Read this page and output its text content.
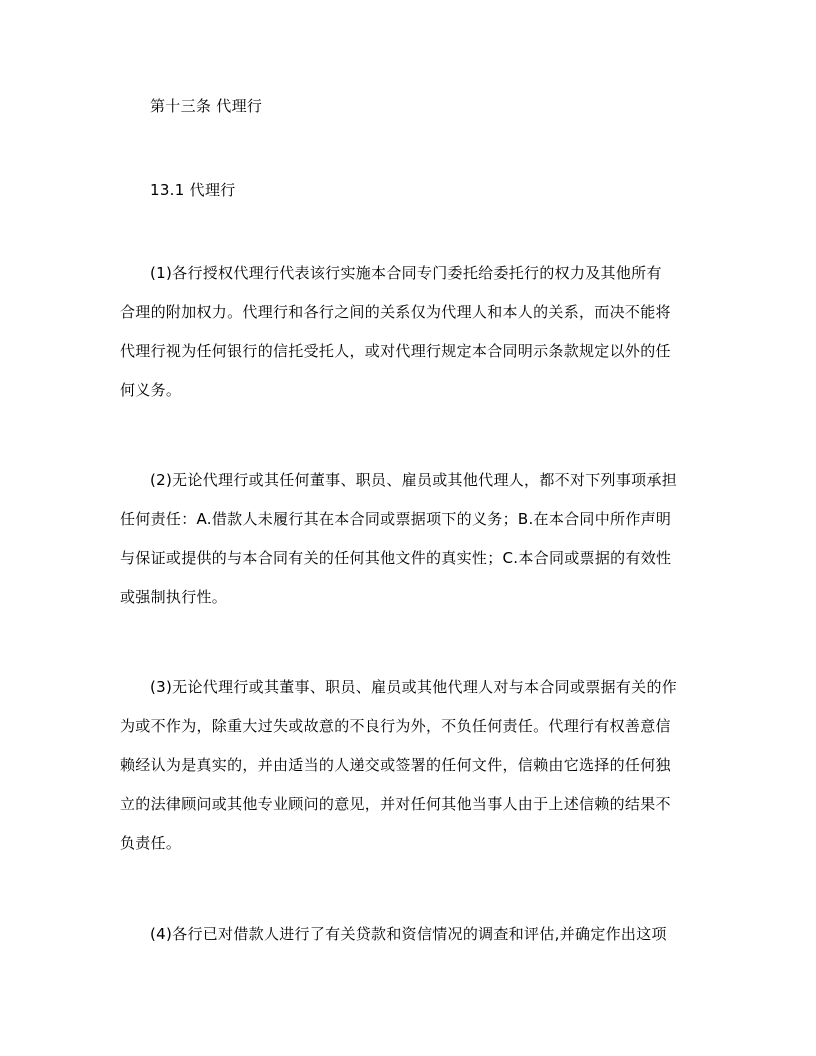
第十三条 代理行
13.1 代理行
(1)各行授权代理行代表该行实施本合同专门委托给委托行的权力及其他所有
合理的附加权力。代理行和各行之间的关系仅为代理人和本人的关系，而决不能将
代理行视为任何银行的信托受托人，或对代理行规定本合同明示条款规定以外的任
何义务。
(2)无论代理行或其任何董事、职员、雇员或其他代理人，都不对下列事项承担
任何责任：A.借款人未履行其在本合同或票据项下的义务；B.在本合同中所作声明
与保证或提供的与本合同有关的任何其他文件的真实性；C.本合同或票据的有效性
或强制执行性。
(3)无论代理行或其董事、职员、雇员或其他代理人对与本合同或票据有关的作
为或不作为，除重大过失或故意的不良行为外，不负任何责任。代理行有权善意信
赖经认为是真实的，并由适当的人递交或签署的任何文件，信赖由它选择的任何独
立的法律顾问或其他专业顾问的意见，并对任何其他当事人由于上述信赖的结果不
负责任。
(4)各行已对借款人进行了有关贷款和资信情况的调查和评估,并确定作出这项
